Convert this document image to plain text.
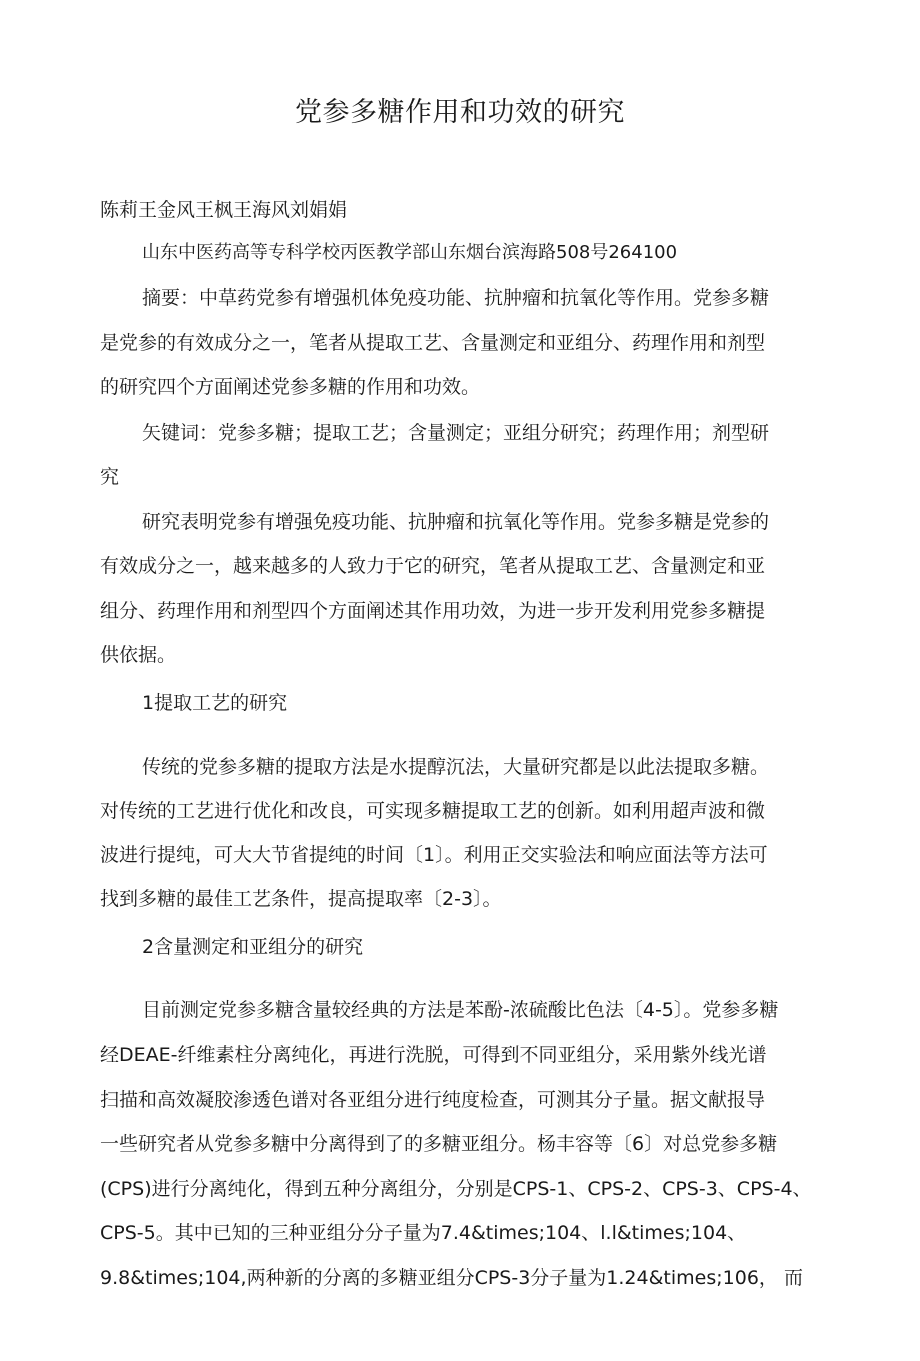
党参多糖作用和功效的研究
陈莉王金风王枫王海风刘娟娟
山东中医药高等专科学校丙医教学部山东烟台滨海路508号264100
摘要：中草药党参有增强机体免疫功能、抗肿瘤和抗氧化等作用。党参多糖
是党参的有效成分之一，笔者从提取工艺、含量测定和亚组分、药理作用和剂型
的研究四个方面阐述党参多糖的作用和功效。
矢键词：党参多糖；提取工艺；含量测定；亚组分研究；药理作用；剂型研
究
研究表明党参有增强免疫功能、抗肿瘤和抗氧化等作用。党参多糖是党参的
有效成分之一，越来越多的人致力于它的研究，笔者从提取工艺、含量测定和亚
组分、药理作用和剂型四个方面阐述其作用功效，为进一步开发利用党参多糖提
供依据。
1提取工艺的研究
传统的党参多糖的提取方法是水提醇沉法，大量研究都是以此法提取多糖。
对传统的工艺进行优化和改良，可实现多糖提取工艺的创新。如利用超声波和微
波进行提纯，可大大节省提纯的时间〔1〕。利用正交实验法和响应面法等方法可
找到多糖的最佳工艺条件，提高提取率〔2-3〕。
2含量测定和亚组分的研究
目前测定党参多糖含量较经典的方法是苯酚-浓硫酸比色法〔4-5〕。党参多糖
经DEAE-纤维素柱分离纯化，再进行洗脱，可得到不同亚组分，采用紫外线光谱
扫描和高效凝胶渗透色谱对各亚组分进行纯度检查，可测其分子量。据文献报导
一些研究者从党参多糖中分离得到了的多糖亚组分。杨丰容等〔6〕对总党参多糖
(CPS)进行分离纯化，得到五种分离组分，分别是CPS-1、CPS-2、CPS-3、CPS-4、
CPS-5。其中已知的三种亚组分分子量为7.4&times;104、l.l&times;104、
9.8&times;104,两种新的分离的多糖亚组分CPS-3分子量为1.24&times;106， 而
